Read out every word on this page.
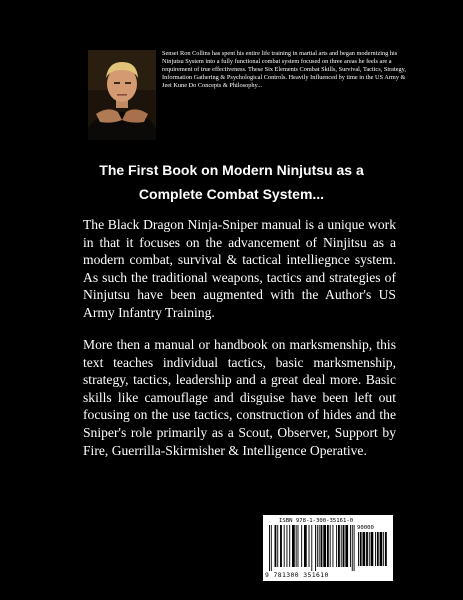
Sensei Ron Collins has spent his entire life training in martial arts and began modernizing his Ninjutsu System into a fully functional combat system focused on three areas he feels are a requirement of true effectiveness. These Six Elements Combat Skills, Survival, Tactics, Strategy, Information Gathering & Psychological Controls. Heavily Influenced by time in the US Army & Jeet Kune Do Concepts & Philosophy...

The First Book on Modern Ninjutsu as a
Complete Combat System...

The Black Dragon Ninja-Sniper manual is a unique work in that it focuses on the advancement of Ninjitsu as a modern combat, survival & tactical intelliegnce system. As such the traditional weapons, tactics and strategies of Ninjutsu have been augmented with the Author's US Army Infantry Training.

More then a manual or handbook on marksmenship, this text teaches individual tactics, basic marksmenship, strategy, tactics, leadership and a great deal more. Basic skills like camouflage and disguise have been left out focusing on the use tactics, construction of hides and the Sniper's role primarily as a Scout, Observer, Support by Fire, Guerrilla-Skirmisher & Intelligence Operative.

ISBN 978-1-300-35161-0
90000
9 781300 351610
